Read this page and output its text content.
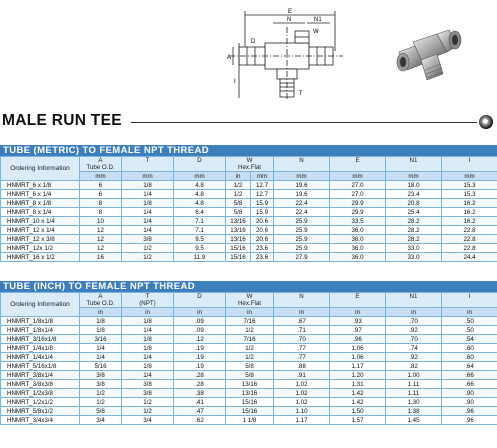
E
N	N1
W
T
A
D
I
MALE RUN TEE
TUBE (METRIC) TO FEMALE NPT THREAD
Ordering Information	A
Tube O.D.	T	D	W
Hex.Flat		N	E	N1	I
	mm	mm	mm	in	mm	mm	mm	mm	mm
HNMRT_6 x 1/8	6	1/8	4.8	1/2	12.7	19.6	27.0	18.0	15.3
HNMRT_6 x 1/4	6	1/4	4.8	1/2	12.7	19.6	27.0	23.4	15.3
HNMRT_8 x 1/8	8	1/8	4.8	5/8	15.9	22.4	29.9	20.8	16.2
HNMRT_8 x 1/4	8	1/4	6.4	5/8	15.9	22.4	29.9	25.4	16.2
HNMRT_10 x 1/4	10	1/4	7.1	13/16	20.6	25.9	33.5	28.2	16.2
HNMRT_12 x 1/4	12	1/4	7.1	13/16	20.6	25.9	36.0	28.2	22.8
HNMRT_12 x 3/8	12	3/8	9.5	13/16	20.6	25.9	36.0	28.2	22.8
HNMRT_12x 1/2	12	1/2	9.5	15/16	23.6	25.9	36.0	33.0	22.8
HNMRT_16 x 1/2	16	1/2	11.9	15/16	23.6	27.9	36.0	33.0	24.4
TUBE (INCH) TO FEMALE NPT THREAD
Ordering Information	A
Tube O.D.	T
(NPT)	D	W
Hex.Flat	N	E	N1	I
	in	in	in	in	in	in	in	in
HNMRT_1/8x1/8	1/8	1/8	.09	7/16	.67	.93	.70	.50
HNMRT_1/8x1/4	1/8	1/4	.09	1/2	.71	.97	.92	.50
HNMRT_3/16x1/8	3/16	1/8	.12	7/16	.70	.96	.70	.54
HNMRT_1/4x1/8	1/4	1/8	.19	1/2	.77	1.06	.74	.60
HNMRT_1/4x1/4	1/4	1/4	.19	1/2	.77	1.06	.92	.60
HNMRT_5/16x1/8	5/16	1/8	.19	5/8	.88	1.17	.82	.64
HNMRT_3/8x1/4	3/8	1/4	.28	5/8	.91	1.20	1.00	.66
HNMRT_3/8x3/8	3/8	3/8	.28	13/16	1.02	1.31	1.11	.66
HNMRT_1/2x3/8	1/2	3/8	.38	13/16	1.02	1.42	1.11	.90
HNMRT_1/2x1/2	1/2	1/2	.41	15/16	1.02	1.42	1.30	.90
HNMRT_5/8x1/2	5/8	1/2	.47	15/16	1.10	1.50	1.38	.96
HNMRT_3/4x3/4	3/4	3/4	.62	1 1/8	1.17	1.57	1.45	.96
